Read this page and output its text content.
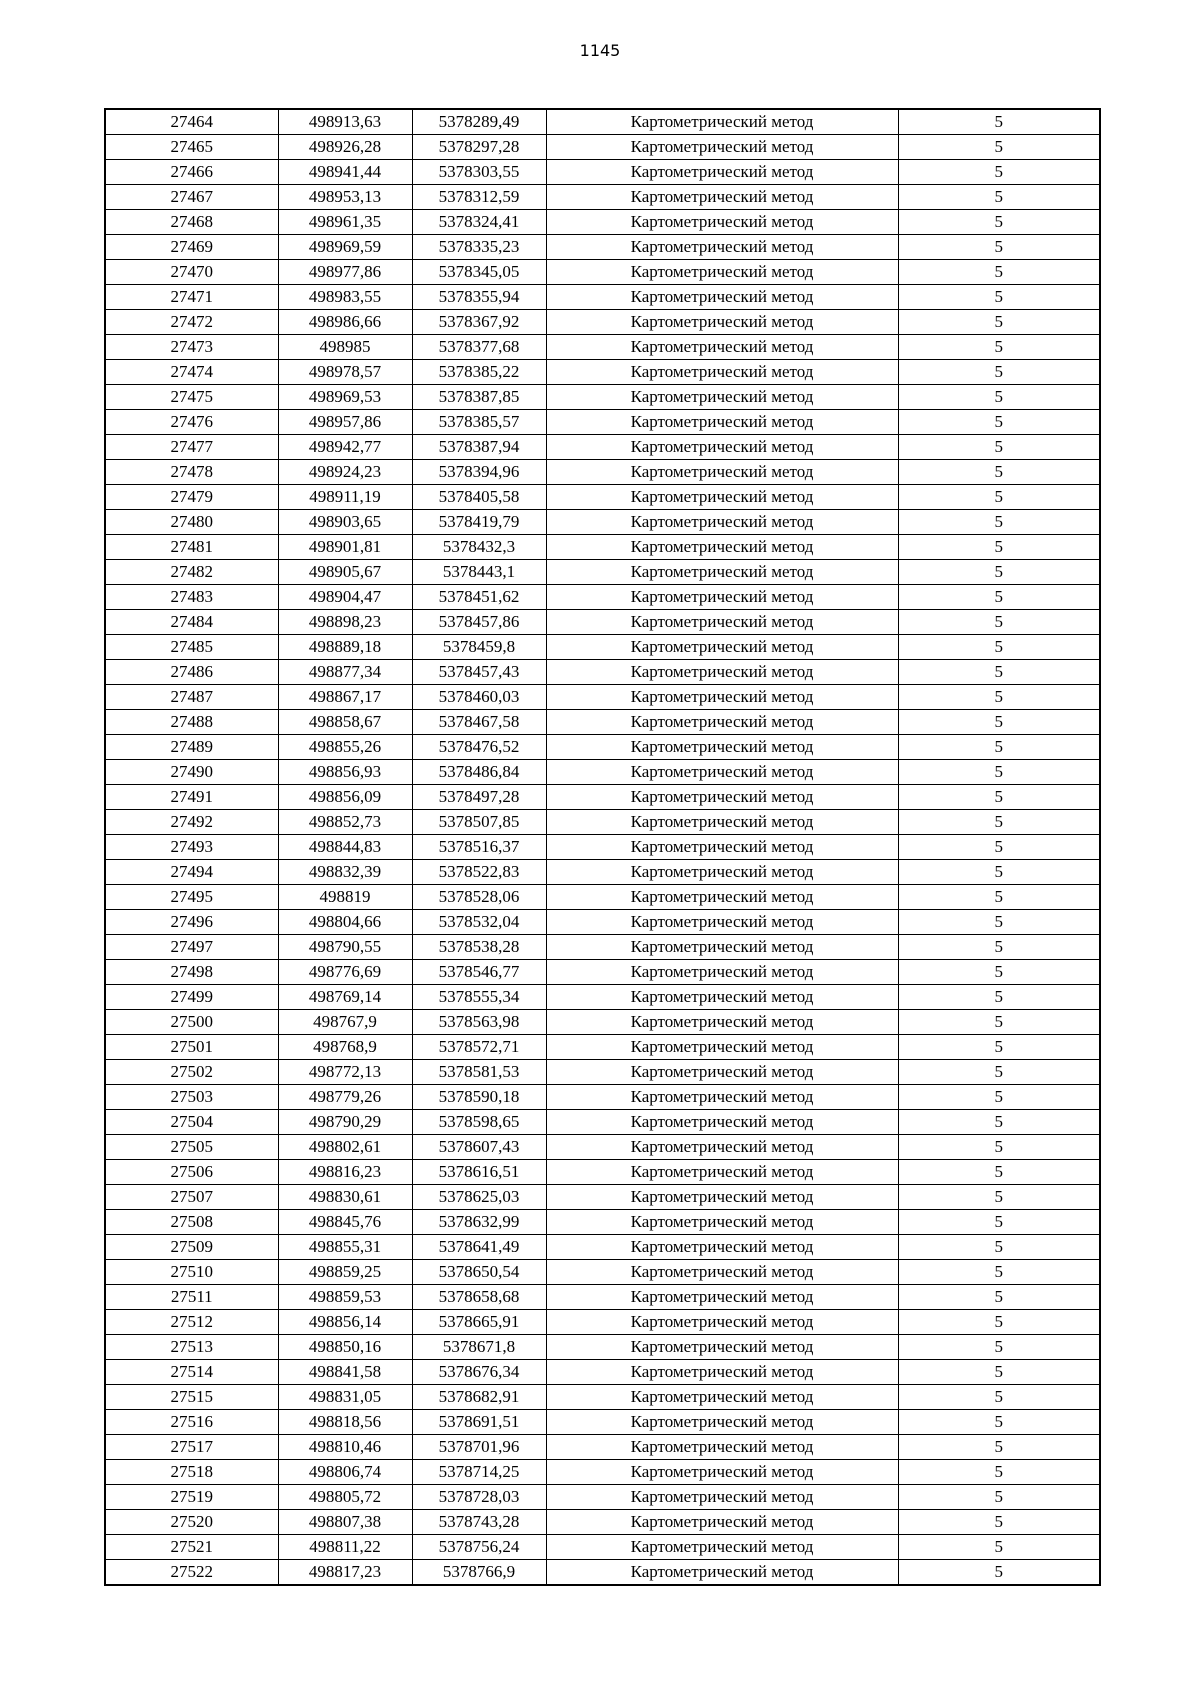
1145
27464	498913,63	5378289,49	Картометрический метод	5
27465	498926,28	5378297,28	Картометрический метод	5
27466	498941,44	5378303,55	Картометрический метод	5
27467	498953,13	5378312,59	Картометрический метод	5
27468	498961,35	5378324,41	Картометрический метод	5
27469	498969,59	5378335,23	Картометрический метод	5
27470	498977,86	5378345,05	Картометрический метод	5
27471	498983,55	5378355,94	Картометрический метод	5
27472	498986,66	5378367,92	Картометрический метод	5
27473	498985	5378377,68	Картометрический метод	5
27474	498978,57	5378385,22	Картометрический метод	5
27475	498969,53	5378387,85	Картометрический метод	5
27476	498957,86	5378385,57	Картометрический метод	5
27477	498942,77	5378387,94	Картометрический метод	5
27478	498924,23	5378394,96	Картометрический метод	5
27479	498911,19	5378405,58	Картометрический метод	5
27480	498903,65	5378419,79	Картометрический метод	5
27481	498901,81	5378432,3	Картометрический метод	5
27482	498905,67	5378443,1	Картометрический метод	5
27483	498904,47	5378451,62	Картометрический метод	5
27484	498898,23	5378457,86	Картометрический метод	5
27485	498889,18	5378459,8	Картометрический метод	5
27486	498877,34	5378457,43	Картометрический метод	5
27487	498867,17	5378460,03	Картометрический метод	5
27488	498858,67	5378467,58	Картометрический метод	5
27489	498855,26	5378476,52	Картометрический метод	5
27490	498856,93	5378486,84	Картометрический метод	5
27491	498856,09	5378497,28	Картометрический метод	5
27492	498852,73	5378507,85	Картометрический метод	5
27493	498844,83	5378516,37	Картометрический метод	5
27494	498832,39	5378522,83	Картометрический метод	5
27495	498819	5378528,06	Картометрический метод	5
27496	498804,66	5378532,04	Картометрический метод	5
27497	498790,55	5378538,28	Картометрический метод	5
27498	498776,69	5378546,77	Картометрический метод	5
27499	498769,14	5378555,34	Картометрический метод	5
27500	498767,9	5378563,98	Картометрический метод	5
27501	498768,9	5378572,71	Картометрический метод	5
27502	498772,13	5378581,53	Картометрический метод	5
27503	498779,26	5378590,18	Картометрический метод	5
27504	498790,29	5378598,65	Картометрический метод	5
27505	498802,61	5378607,43	Картометрический метод	5
27506	498816,23	5378616,51	Картометрический метод	5
27507	498830,61	5378625,03	Картометрический метод	5
27508	498845,76	5378632,99	Картометрический метод	5
27509	498855,31	5378641,49	Картометрический метод	5
27510	498859,25	5378650,54	Картометрический метод	5
27511	498859,53	5378658,68	Картометрический метод	5
27512	498856,14	5378665,91	Картометрический метод	5
27513	498850,16	5378671,8	Картометрический метод	5
27514	498841,58	5378676,34	Картометрический метод	5
27515	498831,05	5378682,91	Картометрический метод	5
27516	498818,56	5378691,51	Картометрический метод	5
27517	498810,46	5378701,96	Картометрический метод	5
27518	498806,74	5378714,25	Картометрический метод	5
27519	498805,72	5378728,03	Картометрический метод	5
27520	498807,38	5378743,28	Картометрический метод	5
27521	498811,22	5378756,24	Картометрический метод	5
27522	498817,23	5378766,9	Картометрический метод	5
